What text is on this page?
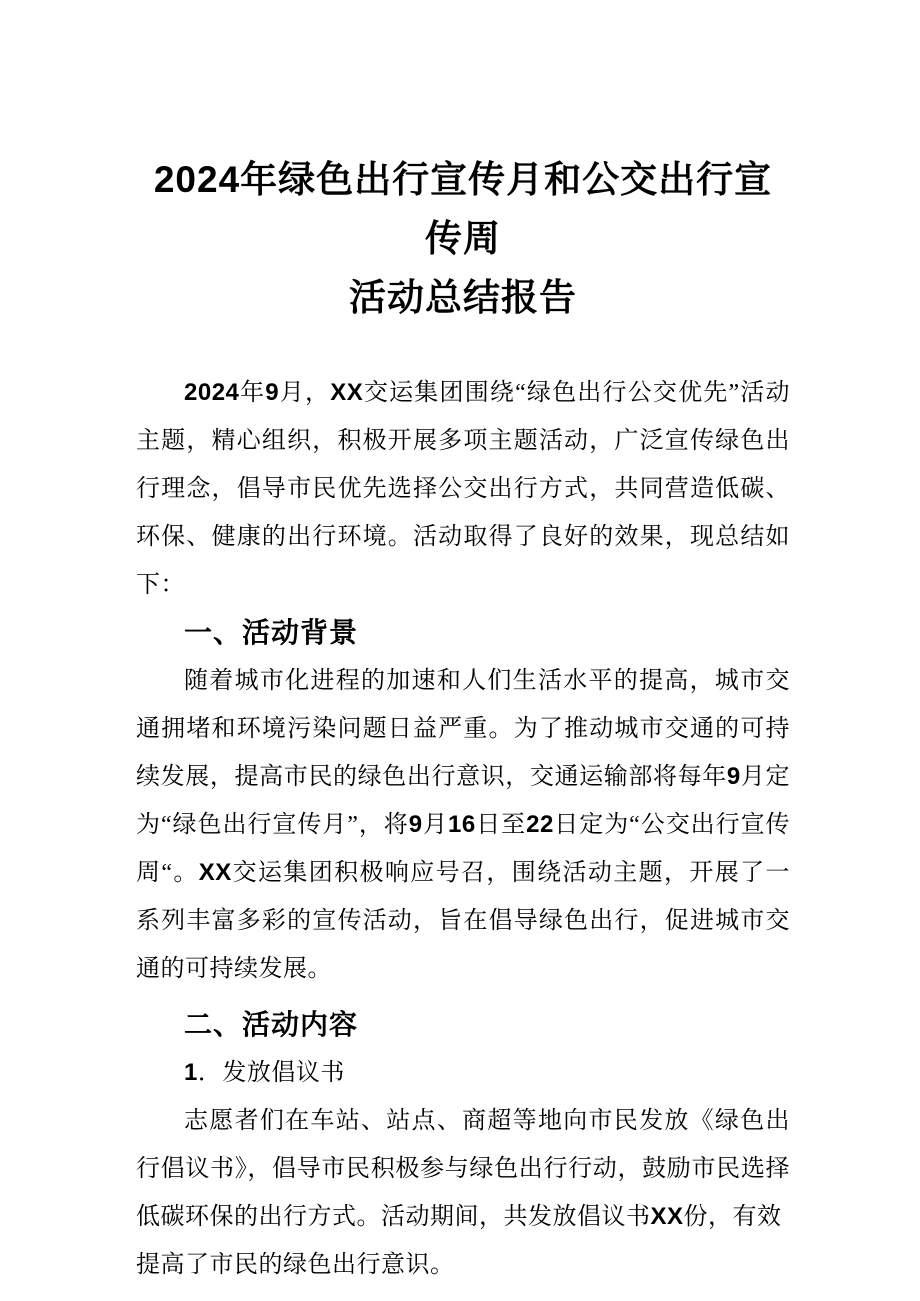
2024年绿色出行宣传月和公交出行宣传周
活动总结报告

2024年9月，XX交运集团围绕“绿色出行公交优先”活动主题，精心组织，积极开展多项主题活动，广泛宣传绿色出行理念，倡导市民优先选择公交出行方式，共同营造低碳、环保、健康的出行环境。活动取得了良好的效果，现总结如下：

一、活动背景

随着城市化进程的加速和人们生活水平的提高，城市交通拥堵和环境污染问题日益严重。为了推动城市交通的可持续发展，提高市民的绿色出行意识，交通运输部将每年9月定为“绿色出行宣传月”，将9月16日至22日定为“公交出行宣传周“。XX交运集团积极响应号召，围绕活动主题，开展了一系列丰富多彩的宣传活动，旨在倡导绿色出行，促进城市交通的可持续发展。

二、活动内容

1．发放倡议书

志愿者们在车站、站点、商超等地向市民发放《绿色出行倡议书》，倡导市民积极参与绿色出行行动，鼓励市民选择低碳环保的出行方式。活动期间，共发放倡议书XX份，有效

提高了市民的绿色出行意识。
